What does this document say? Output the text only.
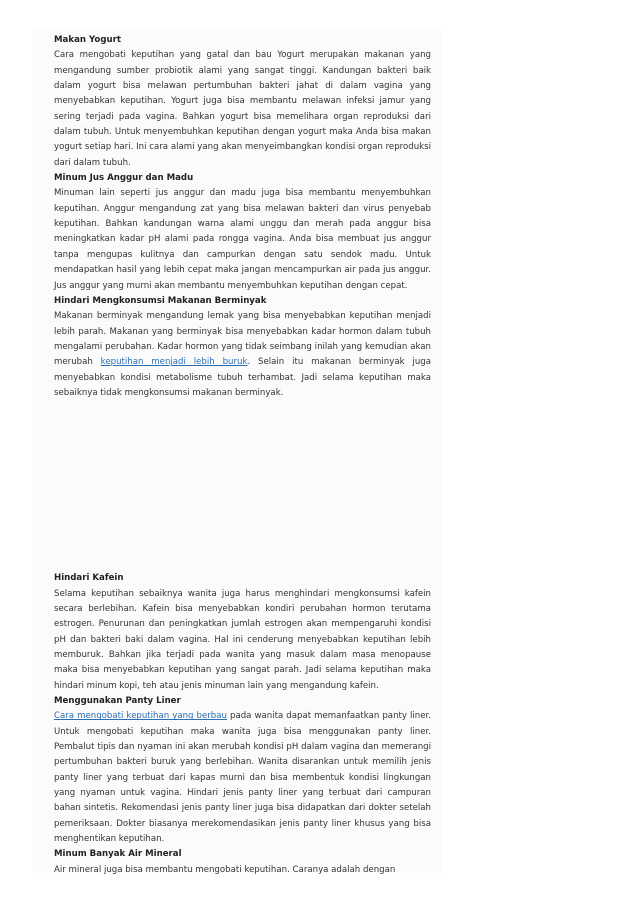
Makan Yogurt

Cara mengobati keputihan yang gatal dan bau Yogurt merupakan makanan yang mengandung sumber probiotik alami yang sangat tinggi. Kandungan bakteri baik dalam yogurt bisa melawan pertumbuhan bakteri jahat di dalam vagina yang menyebabkan keputihan. Yogurt juga bisa membantu melawan infeksi jamur yang sering terjadi pada vagina. Bahkan yogurt bisa memelihara organ reproduksi dari dalam tubuh. Untuk menyembuhkan keputihan dengan yogurt maka Anda bisa makan yogurt setiap hari. Ini cara alami yang akan menyeimbangkan kondisi organ reproduksi dari dalam tubuh.

Minum Jus Anggur dan Madu

Minuman lain seperti jus anggur dan madu juga bisa membantu menyembuhkan keputihan. Anggur mengandung zat yang bisa melawan bakteri dan virus penyebab keputihan. Bahkan kandungan warna alami unggu dan merah pada anggur bisa meningkatkan kadar pH alami pada rongga vagina. Anda bisa membuat jus anggur tanpa mengupas kulitnya dan campurkan dengan satu sendok madu. Untuk mendapatkan hasil yang lebih cepat maka jangan mencampurkan air pada jus anggur. Jus anggur yang murni akan membantu menyembuhkan keputihan dengan cepat.

Hindari Mengkonsumsi Makanan Berminyak

Makanan berminyak mengandung lemak yang bisa menyebabkan keputihan menjadi lebih parah. Makanan yang berminyak bisa menyebabkan kadar hormon dalam tubuh mengalami perubahan. Kadar hormon yang tidak seimbang inilah yang kemudian akan merubah keputihan menjadi lebih buruk. Selain itu makanan berminyak juga menyebabkan kondisi metabolisme tubuh terhambat. Jadi selama keputihan maka sebaiknya tidak mengkonsumsi makanan berminyak.

Hindari Kafein

Selama keputihan sebaiknya wanita juga harus menghindari mengkonsumsi kafein secara berlebihan. Kafein bisa menyebabkan kondiri perubahan hormon terutama estrogen. Penurunan dan peningkatkan jumlah estrogen akan mempengaruhi kondisi pH dan bakteri baki dalam vagina. Hal ini cenderung menyebabkan keputihan lebih memburuk. Bahkan jika terjadi pada wanita yang masuk dalam masa menopause maka bisa menyebabkan keputihan yang sangat parah. Jadi selama keputihan maka hindari minum kopi, teh atau jenis minuman lain yang mengandung kafein.

Menggunakan Panty Liner

Cara mengobati keputihan yang berbau pada wanita dapat memanfaatkan panty liner. Untuk mengobati keputihan maka wanita juga bisa menggunakan panty liner. Pembalut tipis dan nyaman ini akan merubah kondisi pH dalam vagina dan memerangi pertumbuhan bakteri buruk yang berlebihan. Wanita disarankan untuk memilih jenis panty liner yang terbuat dari kapas murni dan bisa membentuk kondisi lingkungan yang nyaman untuk vagina. Hindari jenis panty liner yang terbuat dari campuran bahan sintetis. Rekomendasi jenis panty liner juga bisa didapatkan dari dokter setelah pemeriksaan. Dokter biasanya merekomendasikan jenis panty liner khusus yang bisa menghentikan keputihan.

Minum Banyak Air Mineral

Air mineral juga bisa membantu mengobati keputihan. Caranya adalah dengan
